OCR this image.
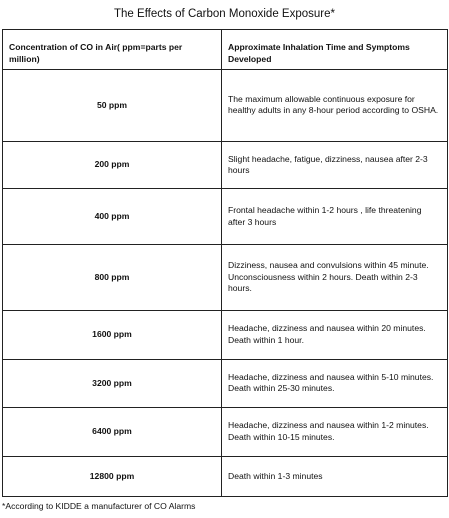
The Effects of Carbon Monoxide Exposure*
Concentration of CO in Air( ppm=parts per million)	Approximate Inhalation Time and Symptoms Developed
50 ppm	The maximum allowable continuous exposure for healthy adults in any 8-hour period according to OSHA.
200 ppm	Slight headache, fatigue, dizziness, nausea after 2-3 hours
400 ppm	Frontal headache within 1-2 hours , life threatening after 3 hours
800 ppm	Dizziness, nausea and convulsions within 45 minute. Unconsciousness within 2 hours. Death within 2-3 hours.
1600 ppm	Headache, dizziness and nausea within 20 minutes. Death within 1 hour.
3200 ppm	Headache, dizziness and nausea within 5-10 minutes. Death within 25-30 minutes.
6400 ppm	Headache, dizziness and nausea within 1-2 minutes. Death within 10-15 minutes.
12800 ppm	Death within 1-3 minutes
*According to KIDDE a manufacturer of CO Alarms
